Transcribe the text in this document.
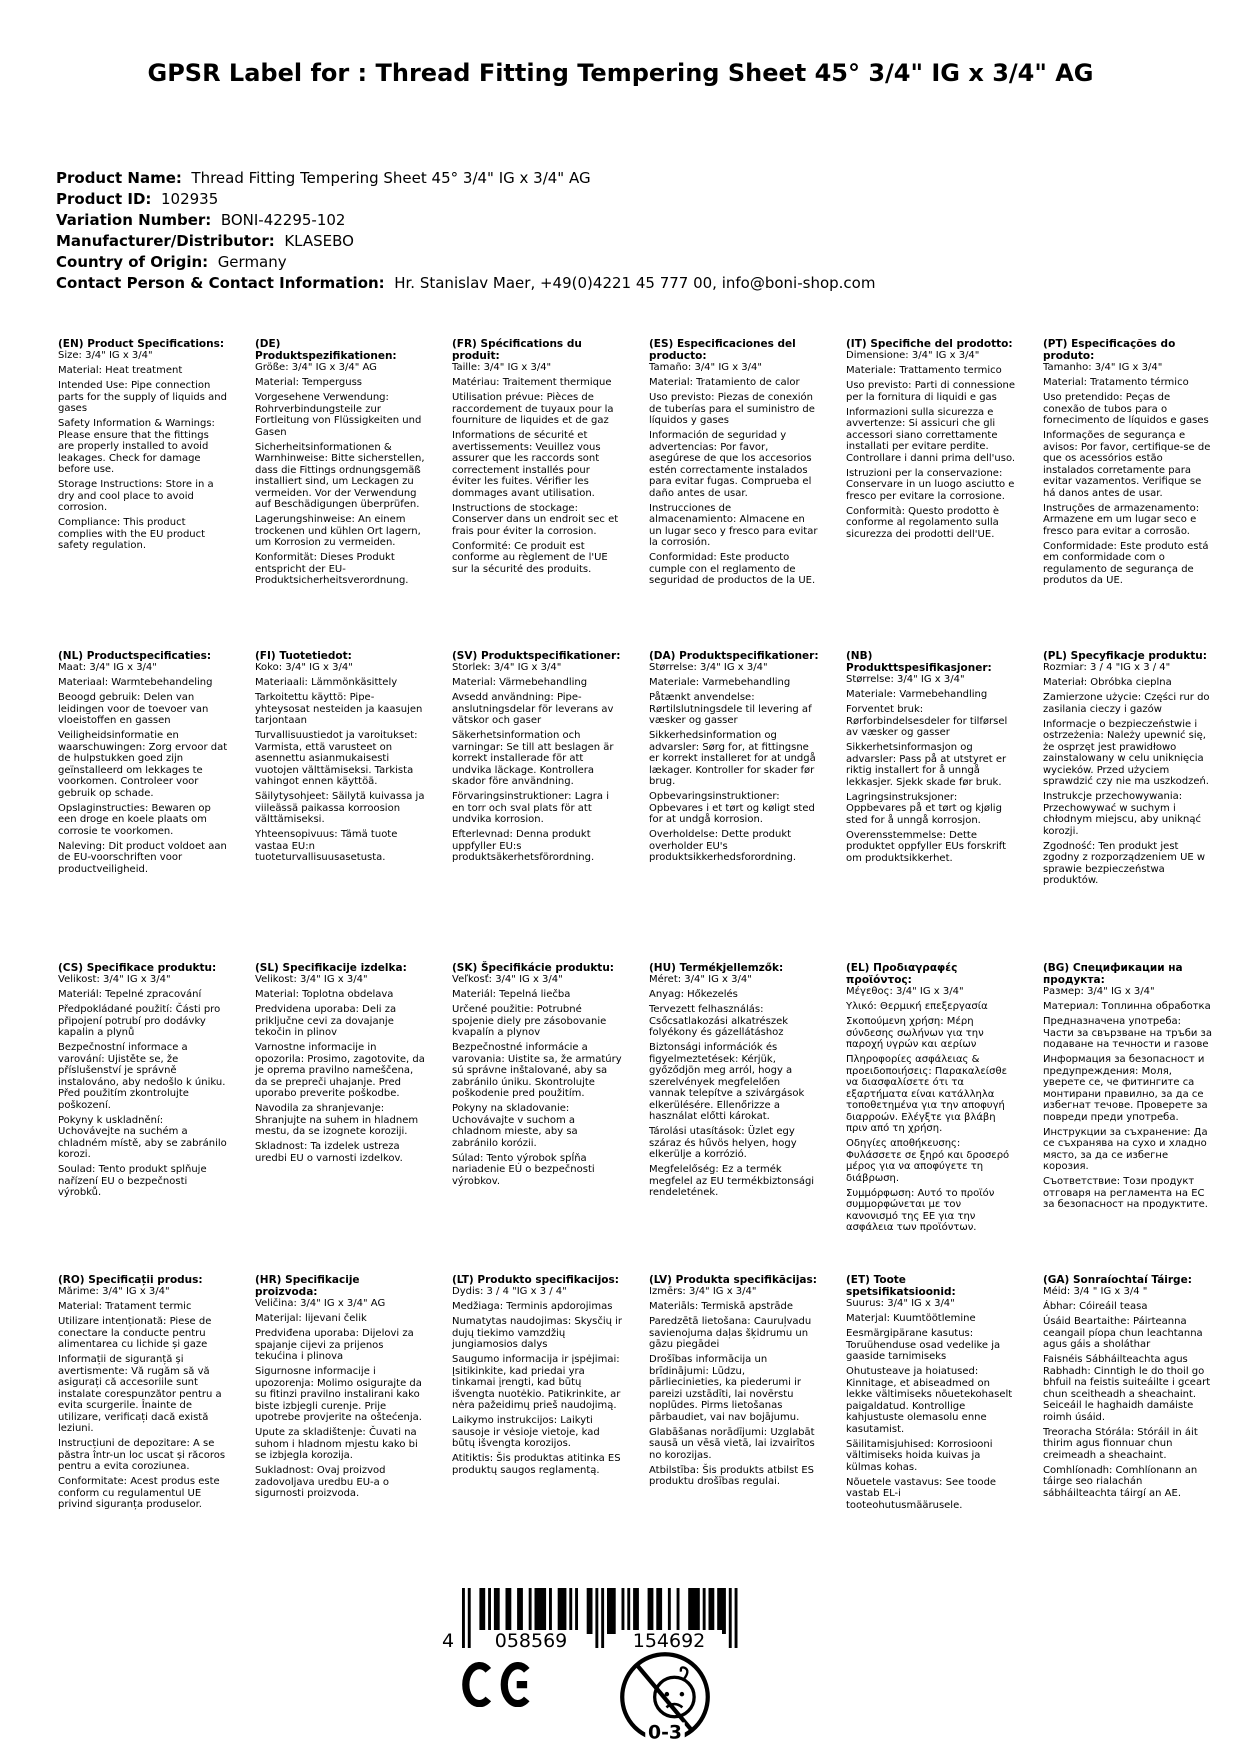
GPSR Label for : Thread Fitting Tempering Sheet 45° 3/4" IG x 3/4" AG
Product Name: Thread Fitting Tempering Sheet 45° 3/4" IG x 3/4" AG
Product ID: 102935
Variation Number: BONI-42295-102
Manufacturer/Distributor: KLASEBO
Country of Origin: Germany
Contact Person & Contact Information: Hr. Stanislav Maer, +49(0)4221 45 777 00, info@boni-shop.com
(EN) Product Specifications:

Size: 3/4" IG x 3/4"

Material: Heat treatment

Intended Use: Pipe connection parts for the supply of liquids and gases

Safety Information & Warnings: Please ensure that the fittings are properly installed to avoid leakages. Check for damage before use.

Storage Instructions: Store in a dry and cool place to avoid corrosion.

Compliance: This product complies with the EU product safety regulation.

(DE) Produktspezifikationen:

Größe: 3/4" IG x 3/4" AG

Material: Temperguss

Vorgesehene Verwendung: Rohrverbindungsteile zur Fortleitung von Flüssigkeiten und Gasen

Sicherheitsinformationen & Warnhinweise: Bitte sicherstellen, dass die Fittings ordnungsgemäß installiert sind, um Leckagen zu vermeiden. Vor der Verwendung auf Beschädigungen überprüfen.

Lagerungshinweise: An einem trockenen und kühlen Ort lagern, um Korrosion zu vermeiden.

Konformität: Dieses Produkt entspricht der EU-Produktsicherheitsverordnung.

(FR) Spécifications du produit:

Taille: 3/4" IG x 3/4"

Matériau: Traitement thermique

Utilisation prévue: Pièces de raccordement de tuyaux pour la fourniture de liquides et de gaz

Informations de sécurité et avertissements: Veuillez vous assurer que les raccords sont correctement installés pour éviter les fuites. Vérifier les dommages avant utilisation.

Instructions de stockage: Conserver dans un endroit sec et frais pour éviter la corrosion.

Conformité: Ce produit est conforme au règlement de l'UE sur la sécurité des produits.

(ES) Especificaciones del producto:

Tamaño: 3/4" IG x 3/4"

Material: Tratamiento de calor

Uso previsto: Piezas de conexión de tuberías para el suministro de líquidos y gases

Información de seguridad y advertencias: Por favor, asegúrese de que los accesorios estén correctamente instalados para evitar fugas. Comprueba el daño antes de usar.

Instrucciones de almacenamiento: Almacene en un lugar seco y fresco para evitar la corrosión.

Conformidad: Este producto cumple con el reglamento de seguridad de productos de la UE.

(IT) Specifiche del prodotto:

Dimensione: 3/4" IG x 3/4"

Materiale: Trattamento termico

Uso previsto: Parti di connessione per la fornitura di liquidi e gas

Informazioni sulla sicurezza e avvertenze: Si assicuri che gli accessori siano correttamente installati per evitare perdite. Controllare i danni prima dell'uso.

Istruzioni per la conservazione: Conservare in un luogo asciutto e fresco per evitare la corrosione.

Conformità: Questo prodotto è conforme al regolamento sulla sicurezza dei prodotti dell'UE.

(PT) Especificações do produto:

Tamanho: 3/4" IG x 3/4"

Material: Tratamento térmico

Uso pretendido: Peças de conexão de tubos para o fornecimento de líquidos e gases

Informações de segurança e avisos: Por favor, certifique-se de que os acessórios estão instalados corretamente para evitar vazamentos. Verifique se há danos antes de usar.

Instruções de armazenamento: Armazene em um lugar seco e fresco para evitar a corrosão.

Conformidade: Este produto está em conformidade com o regulamento de segurança de produtos da UE.

(NL) Productspecificaties:

Maat: 3/4" IG x 3/4"

Materiaal: Warmtebehandeling

Beoogd gebruik: Delen van leidingen voor de toevoer van vloeistoffen en gassen

Veiligheidsinformatie en waarschuwingen: Zorg ervoor dat de hulpstukken goed zijn geïnstalleerd om lekkages te voorkomen. Controleer voor gebruik op schade.

Opslaginstructies: Bewaren op een droge en koele plaats om corrosie te voorkomen.

Naleving: Dit product voldoet aan de EU-voorschriften voor productveiligheid.

(FI) Tuotetiedot:

Koko: 3/4" IG x 3/4"

Materiaali: Lämmönkäsittely

Tarkoitettu käyttö: Pipe-yhteysosat nesteiden ja kaasujen tarjontaan

Turvallisuustiedot ja varoitukset: Varmista, että varusteet on asennettu asianmukaisesti vuotojen välttämiseksi. Tarkista vahingot ennen käyttöä.

Säilytysohjeet: Säilytä kuivassa ja viileässä paikassa korroosion välttämiseksi.

Yhteensopivuus: Tämä tuote vastaa EU:n tuoteturvallisuusasetusta.

(SV) Produktspecifikationer:

Storlek: 3/4" IG x 3/4"

Material: Värmebehandling

Avsedd användning: Pipe-anslutningsdelar för leverans av vätskor och gaser

Säkerhetsinformation och varningar: Se till att beslagen är korrekt installerade för att undvika läckage. Kontrollera skador före användning.

Förvaringsinstruktioner: Lagra i en torr och sval plats för att undvika korrosion.

Efterlevnad: Denna produkt uppfyller EU:s produktsäkerhetsförordning.

(DA) Produktspecifikationer:

Størrelse: 3/4" IG x 3/4"

Materiale: Varmebehandling

Påtænkt anvendelse: Rørtilslutningsdele til levering af væsker og gasser

Sikkerhedsinformation og advarsler: Sørg for, at fittingsne er korrekt installeret for at undgå lækager. Kontroller for skader før brug.

Opbevaringsinstruktioner: Opbevares i et tørt og køligt sted for at undgå korrosion.

Overholdelse: Dette produkt overholder EU's produktsikkerhedsforordning.

(NB) Produkttspesifikasjoner:

Størrelse: 3/4" IG x 3/4"

Materiale: Varmebehandling

Forventet bruk: Rørforbindelsesdeler for tilførsel av væsker og gasser

Sikkerhetsinformasjon og advarsler: Pass på at utstyret er riktig installert for å unngå lekkasjer. Sjekk skade før bruk.

Lagringsinstruksjoner: Oppbevares på et tørt og kjølig sted for å unngå korrosjon.

Overensstemmelse: Dette produktet oppfyller EUs forskrift om produktsikkerhet.

(PL) Specyfikacje produktu:

Rozmiar: 3 / 4 "IG x 3 / 4"

Materiał: Obróbka cieplna

Zamierzone użycie: Części rur do zasilania cieczy i gazów

Informacje o bezpieczeństwie i ostrzeżenia: Należy upewnić się, że osprzęt jest prawidłowo zainstalowany w celu uniknięcia wycieków. Przed użyciem sprawdzić czy nie ma uszkodzeń.

Instrukcje przechowywania: Przechowywać w suchym i chłodnym miejscu, aby uniknąć korozji.

Zgodność: Ten produkt jest zgodny z rozporządzeniem UE w sprawie bezpieczeństwa produktów.

(CS) Specifikace produktu:

Velikost: 3/4" IG x 3/4"

Materiál: Tepelné zpracování

Předpokládané použití: Části pro připojení potrubí pro dodávky kapalin a plynů

Bezpečnostní informace a varování: Ujistěte se, že příslušenství je správně instalováno, aby nedošlo k úniku. Před použitím zkontrolujte poškození.

Pokyny k uskladnění: Uchovávejte na suchém a chladném místě, aby se zabránilo korozi.

Soulad: Tento produkt splňuje nařízení EU o bezpečnosti výrobků.

(SL) Specifikacije izdelka:

Velikost: 3/4" IG x 3/4"

Material: Toplotna obdelava

Predvidena uporaba: Deli za priključne cevi za dovajanje tekočin in plinov

Varnostne informacije in opozorila: Prosimo, zagotovite, da je oprema pravilno nameščena, da se prepreči uhajanje. Pred uporabo preverite poškodbe.

Navodila za shranjevanje: Shranjujte na suhem in hladnem mestu, da se izognete koroziji.

Skladnost: Ta izdelek ustreza uredbi EU o varnosti izdelkov.

(SK) Špecifikácie produktu:

Veľkosť: 3/4" IG x 3/4"

Materiál: Tepelná liečba

Určené použitie: Potrubné spojenie diely pre zásobovanie kvapalín a plynov

Bezpečnostné informácie a varovania: Uistite sa, že armatúry sú správne inštalované, aby sa zabránilo úniku. Skontrolujte poškodenie pred použitím.

Pokyny na skladovanie: Uchovávajte v suchom a chladnom mieste, aby sa zabránilo korózii.

Súlad: Tento výrobok spĺňa nariadenie EÚ o bezpečnosti výrobkov.

(HU) Termékjellemzők:

Méret: 3/4" IG x 3/4"

Anyag: Hőkezelés

Tervezett felhasználás: Csőcsatlakozási alkatrészek folyékony és gázellátáshoz

Biztonsági információk és figyelmeztetések: Kérjük, győződjön meg arról, hogy a szerelvények megfelelően vannak telepítve a szivárgások elkerülésére. Ellenőrizze a használat előtti károkat.

Tárolási utasítások: Üzlet egy száraz és hűvös helyen, hogy elkerülje a korrózió.

Megfelelőség: Ez a termék megfelel az EU termékbiztonsági rendeletének.

(EL) Προδιαγραφές προϊόντος:

Μέγεθος: 3/4" IG x 3/4"

Υλικό: Θερμική επεξεργασία

Σκοπούμενη χρήση: Μέρη σύνδεσης σωλήνων για την παροχή υγρών και αερίων

Πληροφορίες ασφάλειας & προειδοποιήσεις: Παρακαλείσθε να διασφαλίσετε ότι τα εξαρτήματα είναι κατάλληλα τοποθετημένα για την αποφυγή διαρροών. Ελέγξτε για βλάβη πριν από τη χρήση.

Οδηγίες αποθήκευσης: Φυλάσσετε σε ξηρό και δροσερό μέρος για να αποφύγετε τη διάβρωση.

Συμμόρφωση: Αυτό το προϊόν συμμορφώνεται με τον κανονισμό της ΕΕ για την ασφάλεια των προϊόντων.

(BG) Спецификации на продукта:

Размер: 3/4" IG x 3/4"

Материал: Топлинна обработка

Предназначена употреба: Части за свързване на тръби за подаване на течности и газове

Информация за безопасност и предупреждения: Моля, уверете се, че фитингите са монтирани правилно, за да се избегнат течове. Проверете за повреди преди употреба.

Инструкции за съхранение: Да се съхранява на сухо и хладно място, за да се избегне корозия.

Съответствие: Този продукт отговаря на регламента на ЕС за безопасност на продуктите.

(RO) Specificații produs:

Mărime: 3/4" IG x 3/4"

Material: Tratament termic

Utilizare intenționată: Piese de conectare la conducte pentru alimentarea cu lichide și gaze

Informații de siguranță și avertismente: Vă rugăm să vă asigurați că accesoriile sunt instalate corespunzător pentru a evita scurgerile. Înainte de utilizare, verificați dacă există leziuni.

Instrucțiuni de depozitare: A se păstra într-un loc uscat și răcoros pentru a evita coroziunea.

Conformitate: Acest produs este conform cu regulamentul UE privind siguranța produselor.

(HR) Specifikacije proizvoda:

Veličina: 3/4" IG x 3/4" AG

Materijal: lijevani čelik

Predviđena uporaba: Dijelovi za spajanje cijevi za prijenos tekućina i plinova

Sigurnosne informacije i upozorenja: Molimo osigurajte da su fitinzi pravilno instalirani kako biste izbjegli curenje. Prije upotrebe provjerite na oštećenja.

Upute za skladištenje: Čuvati na suhom i hladnom mjestu kako bi se izbjegla korozija.

Sukladnost: Ovaj proizvod zadovoljava uredbu EU-a o sigurnosti proizvoda.

(LT) Produkto specifikacijos:

Dydis: 3 / 4 "IG x 3 / 4"

Medžiaga: Terminis apdorojimas

Numatytas naudojimas: Skysčių ir dujų tiekimo vamzdžių jungiamosios dalys

Saugumo informacija ir įspėjimai: Įsitikinkite, kad priedai yra tinkamai įrengti, kad būtų išvengta nuotėkio. Patikrinkite, ar nėra pažeidimų prieš naudojimą.

Laikymo instrukcijos: Laikyti sausoje ir vėsioje vietoje, kad būtų išvengta korozijos.

Atitiktis: Šis produktas atitinka ES produktų saugos reglamentą.

(LV) Produkta specifikācijas:

Izmērs: 3/4" IG x 3/4"

Materiāls: Termiskā apstrāde

Paredzētā lietošana: Cauruļvadu savienojuma daļas šķidrumu un gāzu piegādei

Drošības informācija un brīdinājumi: Lūdzu, pārliecinieties, ka piederumi ir pareizi uzstādīti, lai novērstu noplūdes. Pirms lietošanas pārbaudiet, vai nav bojājumu.

Glabāšanas norādījumi: Uzglabāt sausā un vēsā vietā, lai izvairītos no korozijas.

Atbilstība: Šis produkts atbilst ES produktu drošības regulai.

(ET) Toote spetsifikatsioonid:

Suurus: 3/4" IG x 3/4"

Materjal: Kuumtöötlemine

Eesmärgipärane kasutus: Toruühenduse osad vedelike ja gaaside tarnimiseks

Ohutusteave ja hoiatused: Kinnitage, et abiseadmed on lekke vältimiseks nõuetekohaselt paigaldatud. Kontrollige kahjustuste olemasolu enne kasutamist.

Säilitamisjuhised: Korrosiooni vältimiseks hoida kuivas ja külmas kohas.

Nõuetele vastavus: See toode vastab EL-i tooteohutusmäärusele.

(GA) Sonraíochtaí Táirge:

Méid: 3/4 " IG x 3/4 "

Ábhar: Cóireáil teasa

Úsáid Beartaithe: Páirteanna ceangail píopa chun leachtanna agus gáis a sholáthar

Faisnéis Sábháilteachta agus Rabhadh: Cinntigh le do thoil go bhfuil na feistis suiteáilte i gceart chun sceitheadh a sheachaint. Seiceáil le haghaidh damáiste roimh úsáid.

Treoracha Stórála: Stóráil in áit thirim agus fionnuar chun creimeadh a sheachaint.

Comhlíonadh: Comhlíonann an táirge seo rialachán sábháilteachta táirgí an AE.

4	058569	154692
0-3
